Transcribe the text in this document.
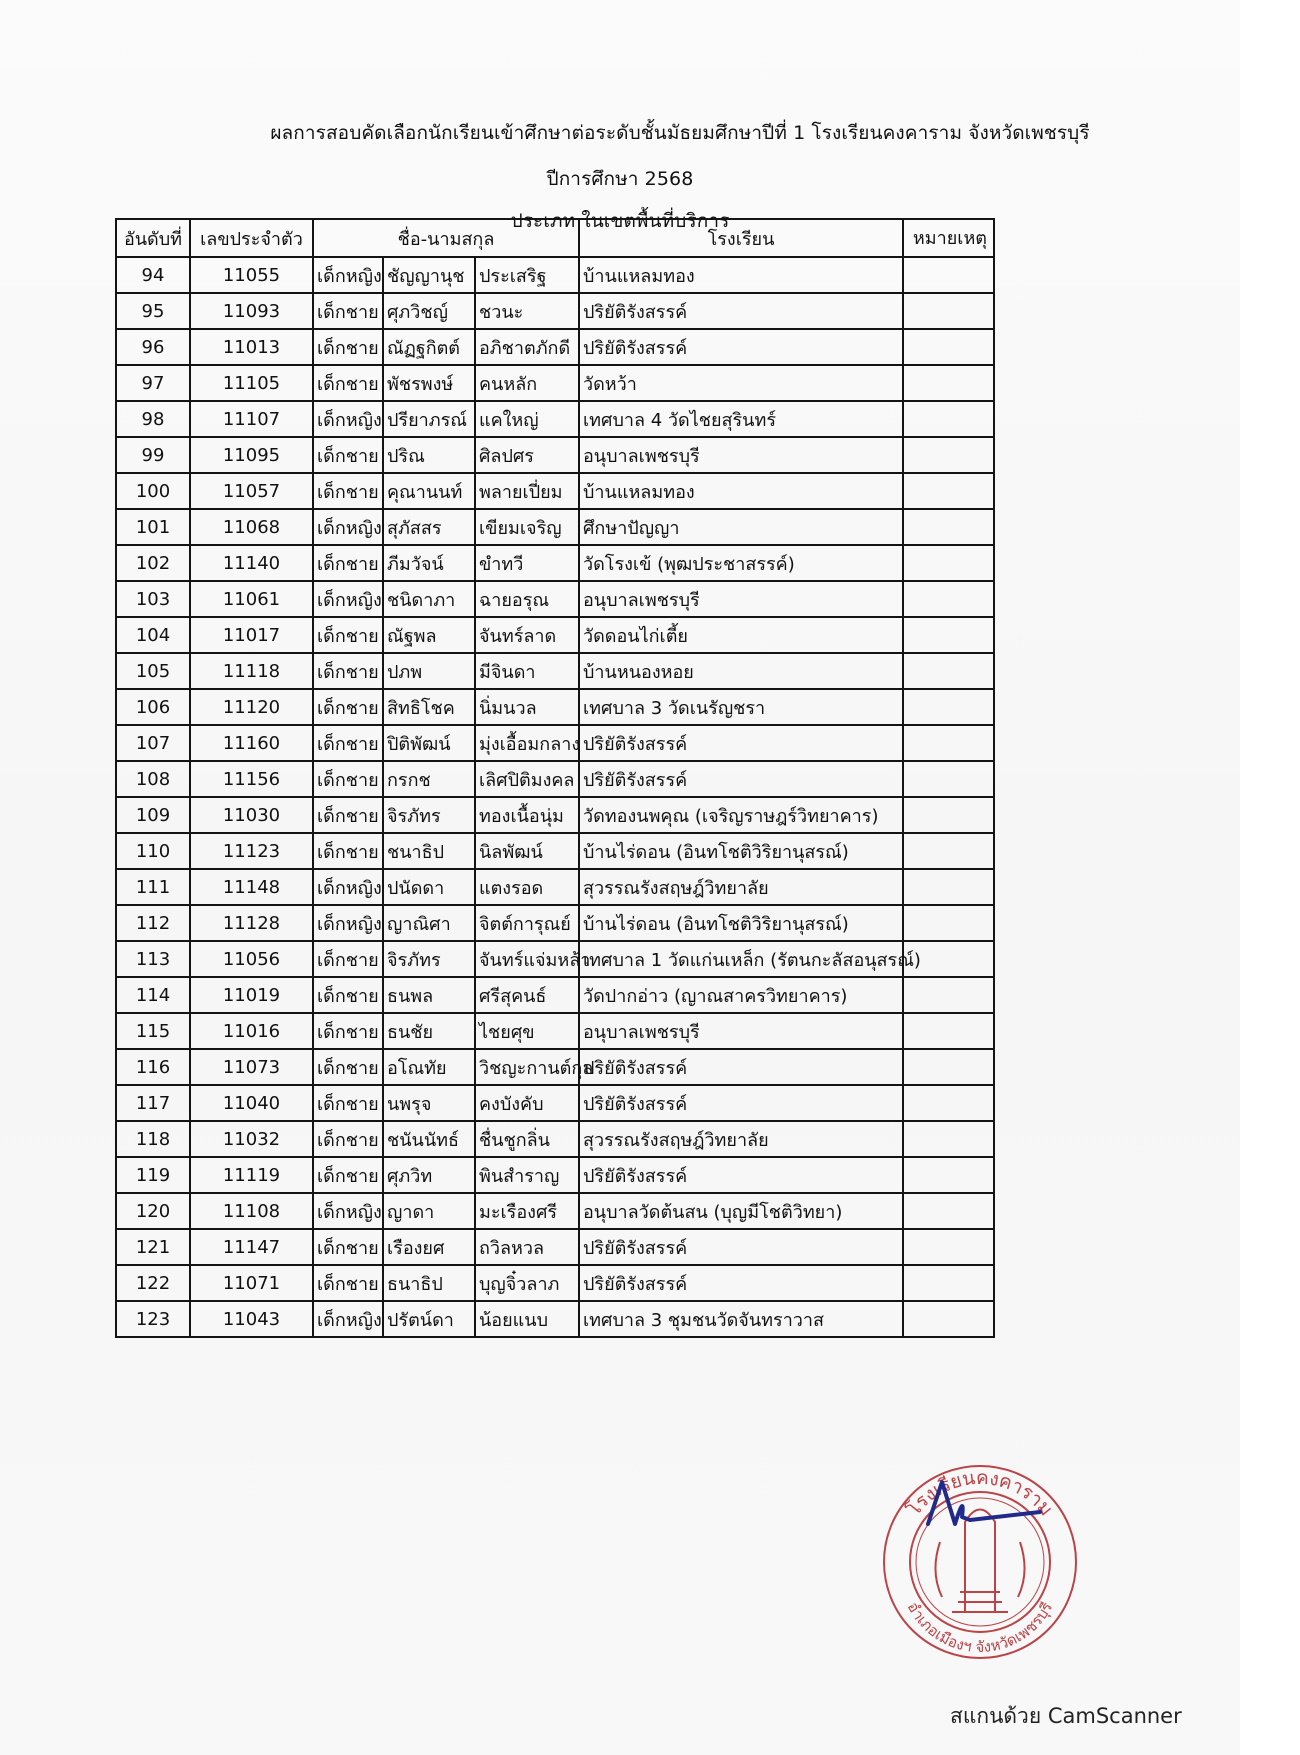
ผลการสอบคัดเลือกนักเรียนเข้าศึกษาต่อระดับชั้นมัธยมศึกษาปีที่ 1 โรงเรียนคงคาราม จังหวัดเพชรบุรี
ปีการศึกษา 2568
ประเภท ในเขตพื้นที่บริการ
อันดับที่	เลขประจำตัว	ชื่อ-นามสกุล			โรงเรียน	หมายเหตุ
94	11055	เด็กหญิง	ชัญญานุช	ประเสริฐ	บ้านแหลมทอง	
95	11093	เด็กชาย	ศุภวิชญ์	ชวนะ	ปริยัติรังสรรค์	
96	11013	เด็กชาย	ณัฏฐกิตต์	อภิชาตภักดี	ปริยัติรังสรรค์	
97	11105	เด็กชาย	พัชรพงษ์	คนหลัก	วัดหว้า	
98	11107	เด็กหญิง	ปรียาภรณ์	แคใหญ่	เทศบาล 4 วัดไชยสุรินทร์	
99	11095	เด็กชาย	ปริณ	ศิลปศร	อนุบาลเพชรบุรี	
100	11057	เด็กชาย	คุณานนท์	พลายเปี่ยม	บ้านแหลมทอง	
101	11068	เด็กหญิง	สุภัสสร	เขียมเจริญ	ศึกษาปัญญา	
102	11140	เด็กชาย	ภีมวัจน์	ขำทวี	วัดโรงเข้ (พุฒประชาสรรค์)	
103	11061	เด็กหญิง	ชนิดาภา	ฉายอรุณ	อนุบาลเพชรบุรี	
104	11017	เด็กชาย	ณัฐพล	จันทร์ลาด	วัดดอนไก่เตี้ย	
105	11118	เด็กชาย	ปภพ	มีจินดา	บ้านหนองหอย	
106	11120	เด็กชาย	สิทธิโชค	นิ่มนวล	เทศบาล 3 วัดเนรัญชรา	
107	11160	เด็กชาย	ปิติพัฒน์	มุ่งเอื้อมกลาง	ปริยัติรังสรรค์	
108	11156	เด็กชาย	กรกช	เลิศปิติมงคล	ปริยัติรังสรรค์	
109	11030	เด็กชาย	จิรภัทร	ทองเนื้อนุ่ม	วัดทองนพคุณ (เจริญราษฎร์วิทยาคาร)	
110	11123	เด็กชาย	ชนาธิป	นิลพัฒน์	บ้านไร่ดอน (อินทโชติวิริยานุสรณ์)	
111	11148	เด็กหญิง	ปนัดดา	แตงรอด	สุวรรณรังสฤษฎ์วิทยาลัย	
112	11128	เด็กหญิง	ญาณิศา	จิตต์การุณย์	บ้านไร่ดอน (อินทโชติวิริยานุสรณ์)	
113	11056	เด็กชาย	จิรภัทร	จันทร์แจ่มหล้า	เทศบาล 1 วัดแก่นเหล็ก (รัตนกะลัสอนุสรณ์)	
114	11019	เด็กชาย	ธนพล	ศรีสุคนธ์	วัดปากอ่าว (ญาณสาครวิทยาคาร)	
115	11016	เด็กชาย	ธนชัย	ไชยศุข	อนุบาลเพชรบุรี	
116	11073	เด็กชาย	อโณทัย	วิชญะกานต์กุล	ปริยัติรังสรรค์	
117	11040	เด็กชาย	นพรุจ	คงบังคับ	ปริยัติรังสรรค์	
118	11032	เด็กชาย	ชนันนัทธ์	ชื่นชูกลิ่น	สุวรรณรังสฤษฎ์วิทยาลัย	
119	11119	เด็กชาย	ศุภวิท	พินสำราญ	ปริยัติรังสรรค์	
120	11108	เด็กหญิง	ญาดา	มะเรืองศรี	อนุบาลวัดต้นสน (บุญมีโชติวิทยา)	
121	11147	เด็กชาย	เรืองยศ	ถวิลหวล	ปริยัติรังสรรค์	
122	11071	เด็กชาย	ธนาธิป	บุญจิ๋วลาภ	ปริยัติรังสรรค์	
123	11043	เด็กหญิง	ปรัตน์ดา	น้อยแนบ	เทศบาล 3 ชุมชนวัดจันทราวาส	
โรงเรียนคงคาราม
อำเภอเมืองฯ จังหวัดเพชรบุรี
สแกนด้วย CamScanner
